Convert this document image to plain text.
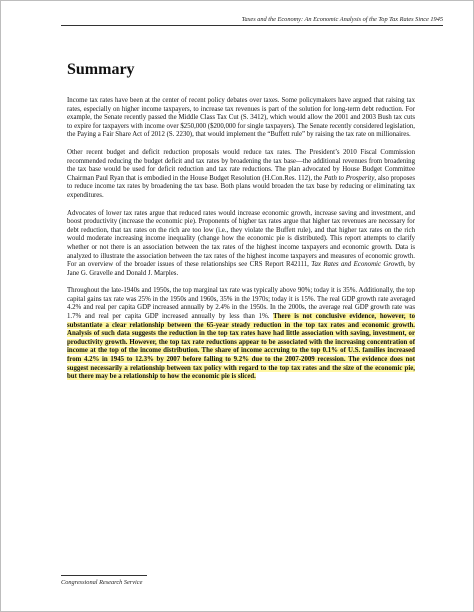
Taxes and the Economy: An Economic Analysis of the Top Tax Rates Since 1945
Summary

Income tax rates have been at the center of recent policy debates over taxes. Some policymakers have argued that raising tax rates, especially on higher income taxpayers, to increase tax revenues is part of the solution for long-term debt reduction. For example, the Senate recently passed the Middle Class Tax Cut (S. 3412), which would allow the 2001 and 2003 Bush tax cuts to expire for taxpayers with income over $250,000 ($200,000 for single taxpayers). The Senate recently considered legislation, the Paying a Fair Share Act of 2012 (S. 2230), that would implement the “Buffett rule” by raising the tax rate on millionaires.

Other recent budget and deficit reduction proposals would reduce tax rates. The President’s 2010 Fiscal Commission recommended reducing the budget deficit and tax rates by broadening the tax base—the additional revenues from broadening the tax base would be used for deficit reduction and tax rate reductions. The plan advocated by House Budget Committee Chairman Paul Ryan that is embodied in the House Budget Resolution (H.Con.Res. 112), the Path to Prosperity, also proposes to reduce income tax rates by broadening the tax base. Both plans would broaden the tax base by reducing or eliminating tax expenditures.

Advocates of lower tax rates argue that reduced rates would increase economic growth, increase saving and investment, and boost productivity (increase the economic pie). Proponents of higher tax rates argue that higher tax revenues are necessary for debt reduction, that tax rates on the rich are too low (i.e., they violate the Buffett rule), and that higher tax rates on the rich would moderate increasing income inequality (change how the economic pie is distributed). This report attempts to clarify whether or not there is an association between the tax rates of the highest income taxpayers and economic growth. Data is analyzed to illustrate the association between the tax rates of the highest income taxpayers and measures of economic growth. For an overview of the broader issues of these relationships see CRS Report R42111, Tax Rates and Economic Growth, by Jane G. Gravelle and Donald J. Marples.

Throughout the late-1940s and 1950s, the top marginal tax rate was typically above 90%; today it is 35%. Additionally, the top capital gains tax rate was 25% in the 1950s and 1960s, 35% in the 1970s; today it is 15%. The real GDP growth rate averaged 4.2% and real per capita GDP increased annually by 2.4% in the 1950s. In the 2000s, the average real GDP growth rate was 1.7% and real per capita GDP increased annually by less than 1%. There is not conclusive evidence, however, to substantiate a clear relationship between the 65-year steady reduction in the top tax rates and economic growth. Analysis of such data suggests the reduction in the top tax rates have had little association with saving, investment, or productivity growth. However, the top tax rate reductions appear to be associated with the increasing concentration of income at the top of the income distribution. The share of income accruing to the top 0.1% of U.S. families increased from 4.2% in 1945 to 12.3% by 2007 before falling to 9.2% due to the 2007-2009 recession. The evidence does not suggest necessarily a relationship between tax policy with regard to the top tax rates and the size of the economic pie, but there may be a relationship to how the economic pie is sliced.

Congressional Research Service
